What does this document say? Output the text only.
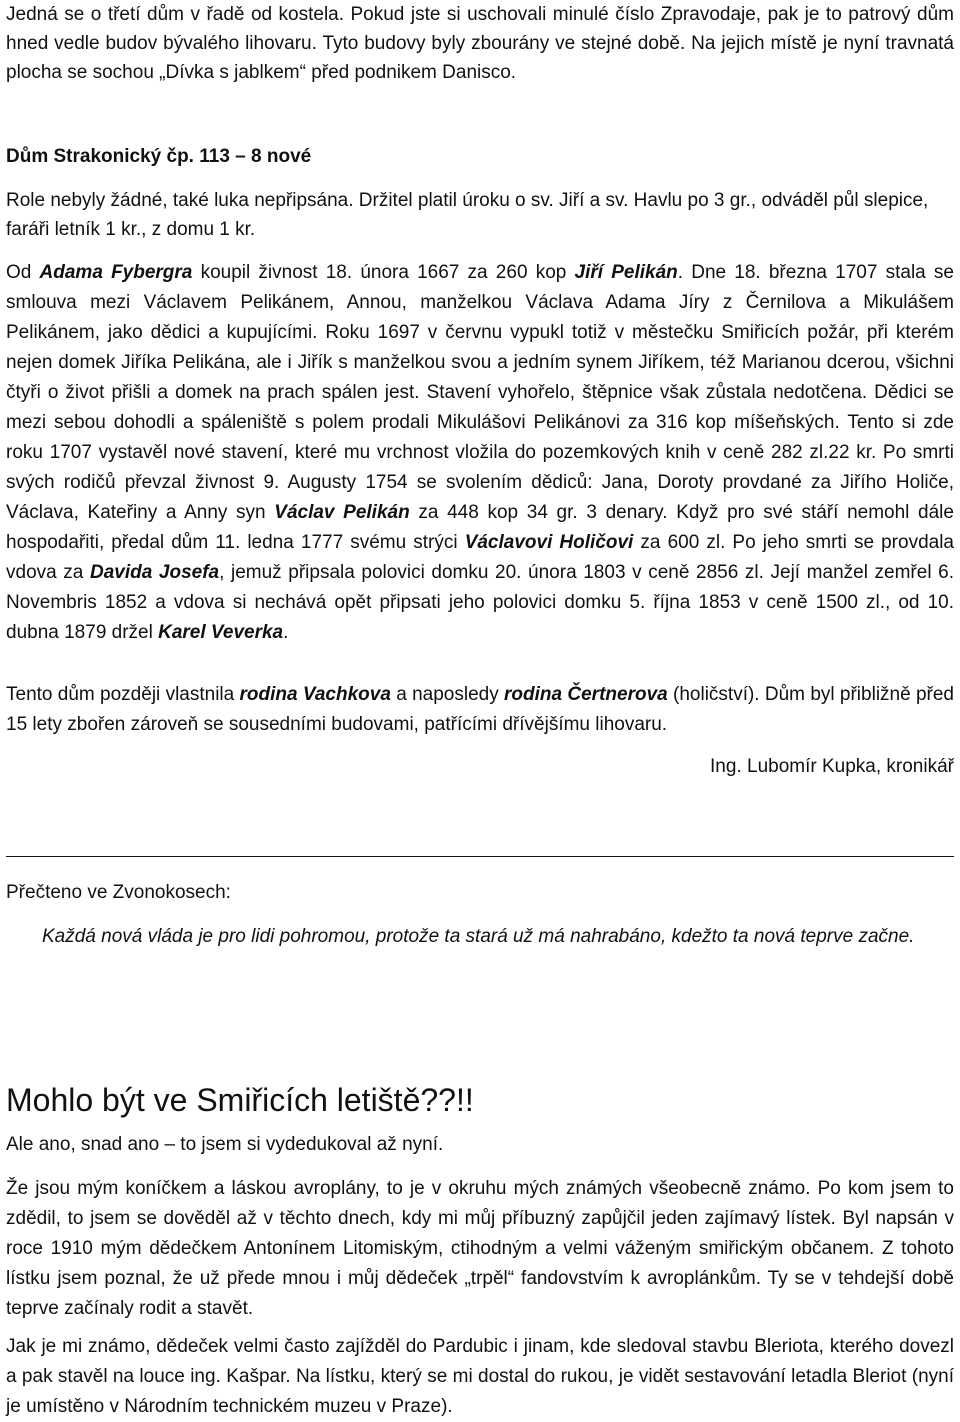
Jedná se o třetí dům v řadě od kostela. Pokud jste si uschovali minulé číslo Zpravodaje, pak je to patrový dům hned vedle budov bývalého lihovaru. Tyto budovy byly zbourány ve stejné době. Na jejich místě je nyní travnatá plocha se sochou „Dívka s jablkem“ před podnikem Danisco.

Dům Strakonický čp. 113 – 8 nové

Role nebyly žádné, také luka nepřipsána. Držitel platil úroku o sv. Jiří a sv. Havlu po 3 gr., odváděl půl slepice, faráři letník 1 kr., z domu 1 kr.

Od Adama Fybergra koupil živnost 18. února 1667 za 260 kop Jiří Pelikán. Dne 18. března 1707 stala se smlouva mezi Václavem Pelikánem, Annou, manželkou Václava Adama Jíry z Černilova a Mikulášem Pelikánem, jako dědici a kupujícími. Roku 1697 v červnu vypukl totiž v městečku Smiřicích požár, při kterém nejen domek Jiříka Pelikána, ale i Jiřík s manželkou svou a jedním synem Jiříkem, též Marianou dcerou, všichni čtyři o život přišli a domek na prach spálen jest. Stavení vyhořelo, štěpnice však zůstala nedotčena. Dědici se mezi sebou dohodli a spáleniště s polem prodali Mikulášovi Pelikánovi za 316 kop míšeňských. Tento si zde roku 1707 vystavěl nové stavení, které mu vrchnost vložila do pozemkových knih v ceně 282 zl.22 kr. Po smrti svých rodičů převzal živnost 9. Augusty 1754 se svolením dědiců: Jana, Doroty provdané za Jiřího Holiče, Václava, Kateřiny a Anny syn Václav Pelikán za 448 kop 34 gr. 3 denary. Když pro své stáří nemohl dále hospodařiti, předal dům 11. ledna 1777 svému strýci Václavovi Holičovi za 600 zl. Po jeho smrti se provdala vdova za Davida Josefa, jemuž připsala polovici domku 20. února 1803 v ceně 2856 zl. Její manžel zemřel 6. Novembris 1852 a vdova si nechává opět připsati jeho polovici domku 5. října 1853 v ceně 1500 zl., od 10. dubna 1879 držel Karel Veverka.

Tento dům později vlastnila rodina Vachkova a naposledy rodina Čertnerova (holičství). Dům byl přibližně před 15 lety zbořen zároveň se sousedními budovami, patřícími dřívějšímu lihovaru.

Ing. Lubomír Kupka, kronikář

Přečteno ve Zvonokosech:

Každá nová vláda je pro lidi pohromou, protože ta stará už má nahrabáno, kdežto ta nová teprve začne.

Mohlo být ve Smiřicích letiště??!!

Ale ano, snad ano – to jsem si vydedukoval až nyní.

Že jsou mým koníčkem a láskou avroplány, to je v okruhu mých známých všeobecně známo. Po kom jsem to zdědil, to jsem se dověděl až v těchto dnech, kdy mi můj příbuzný zapůjčil jeden zajímavý lístek. Byl napsán v roce 1910 mým dědečkem Antonínem Litomiským, ctihodným a velmi váženým smiřickým občanem. Z tohoto lístku jsem poznal, že už přede mnou i můj dědeček „trpěl“ fandovstvím k avroplánkům. Ty se v tehdejší době teprve začínaly rodit a stavět.

Jak je mi známo, dědeček velmi často zajížděl do Pardubic i jinam, kde sledoval stavbu Bleriota, kterého dovezl a pak stavěl na louce ing. Kašpar. Na lístku, který se mi dostal do rukou, je vidět sestavování letadla Bleriot (nyní je umístěno v Národním technickém muzeu v Praze).
